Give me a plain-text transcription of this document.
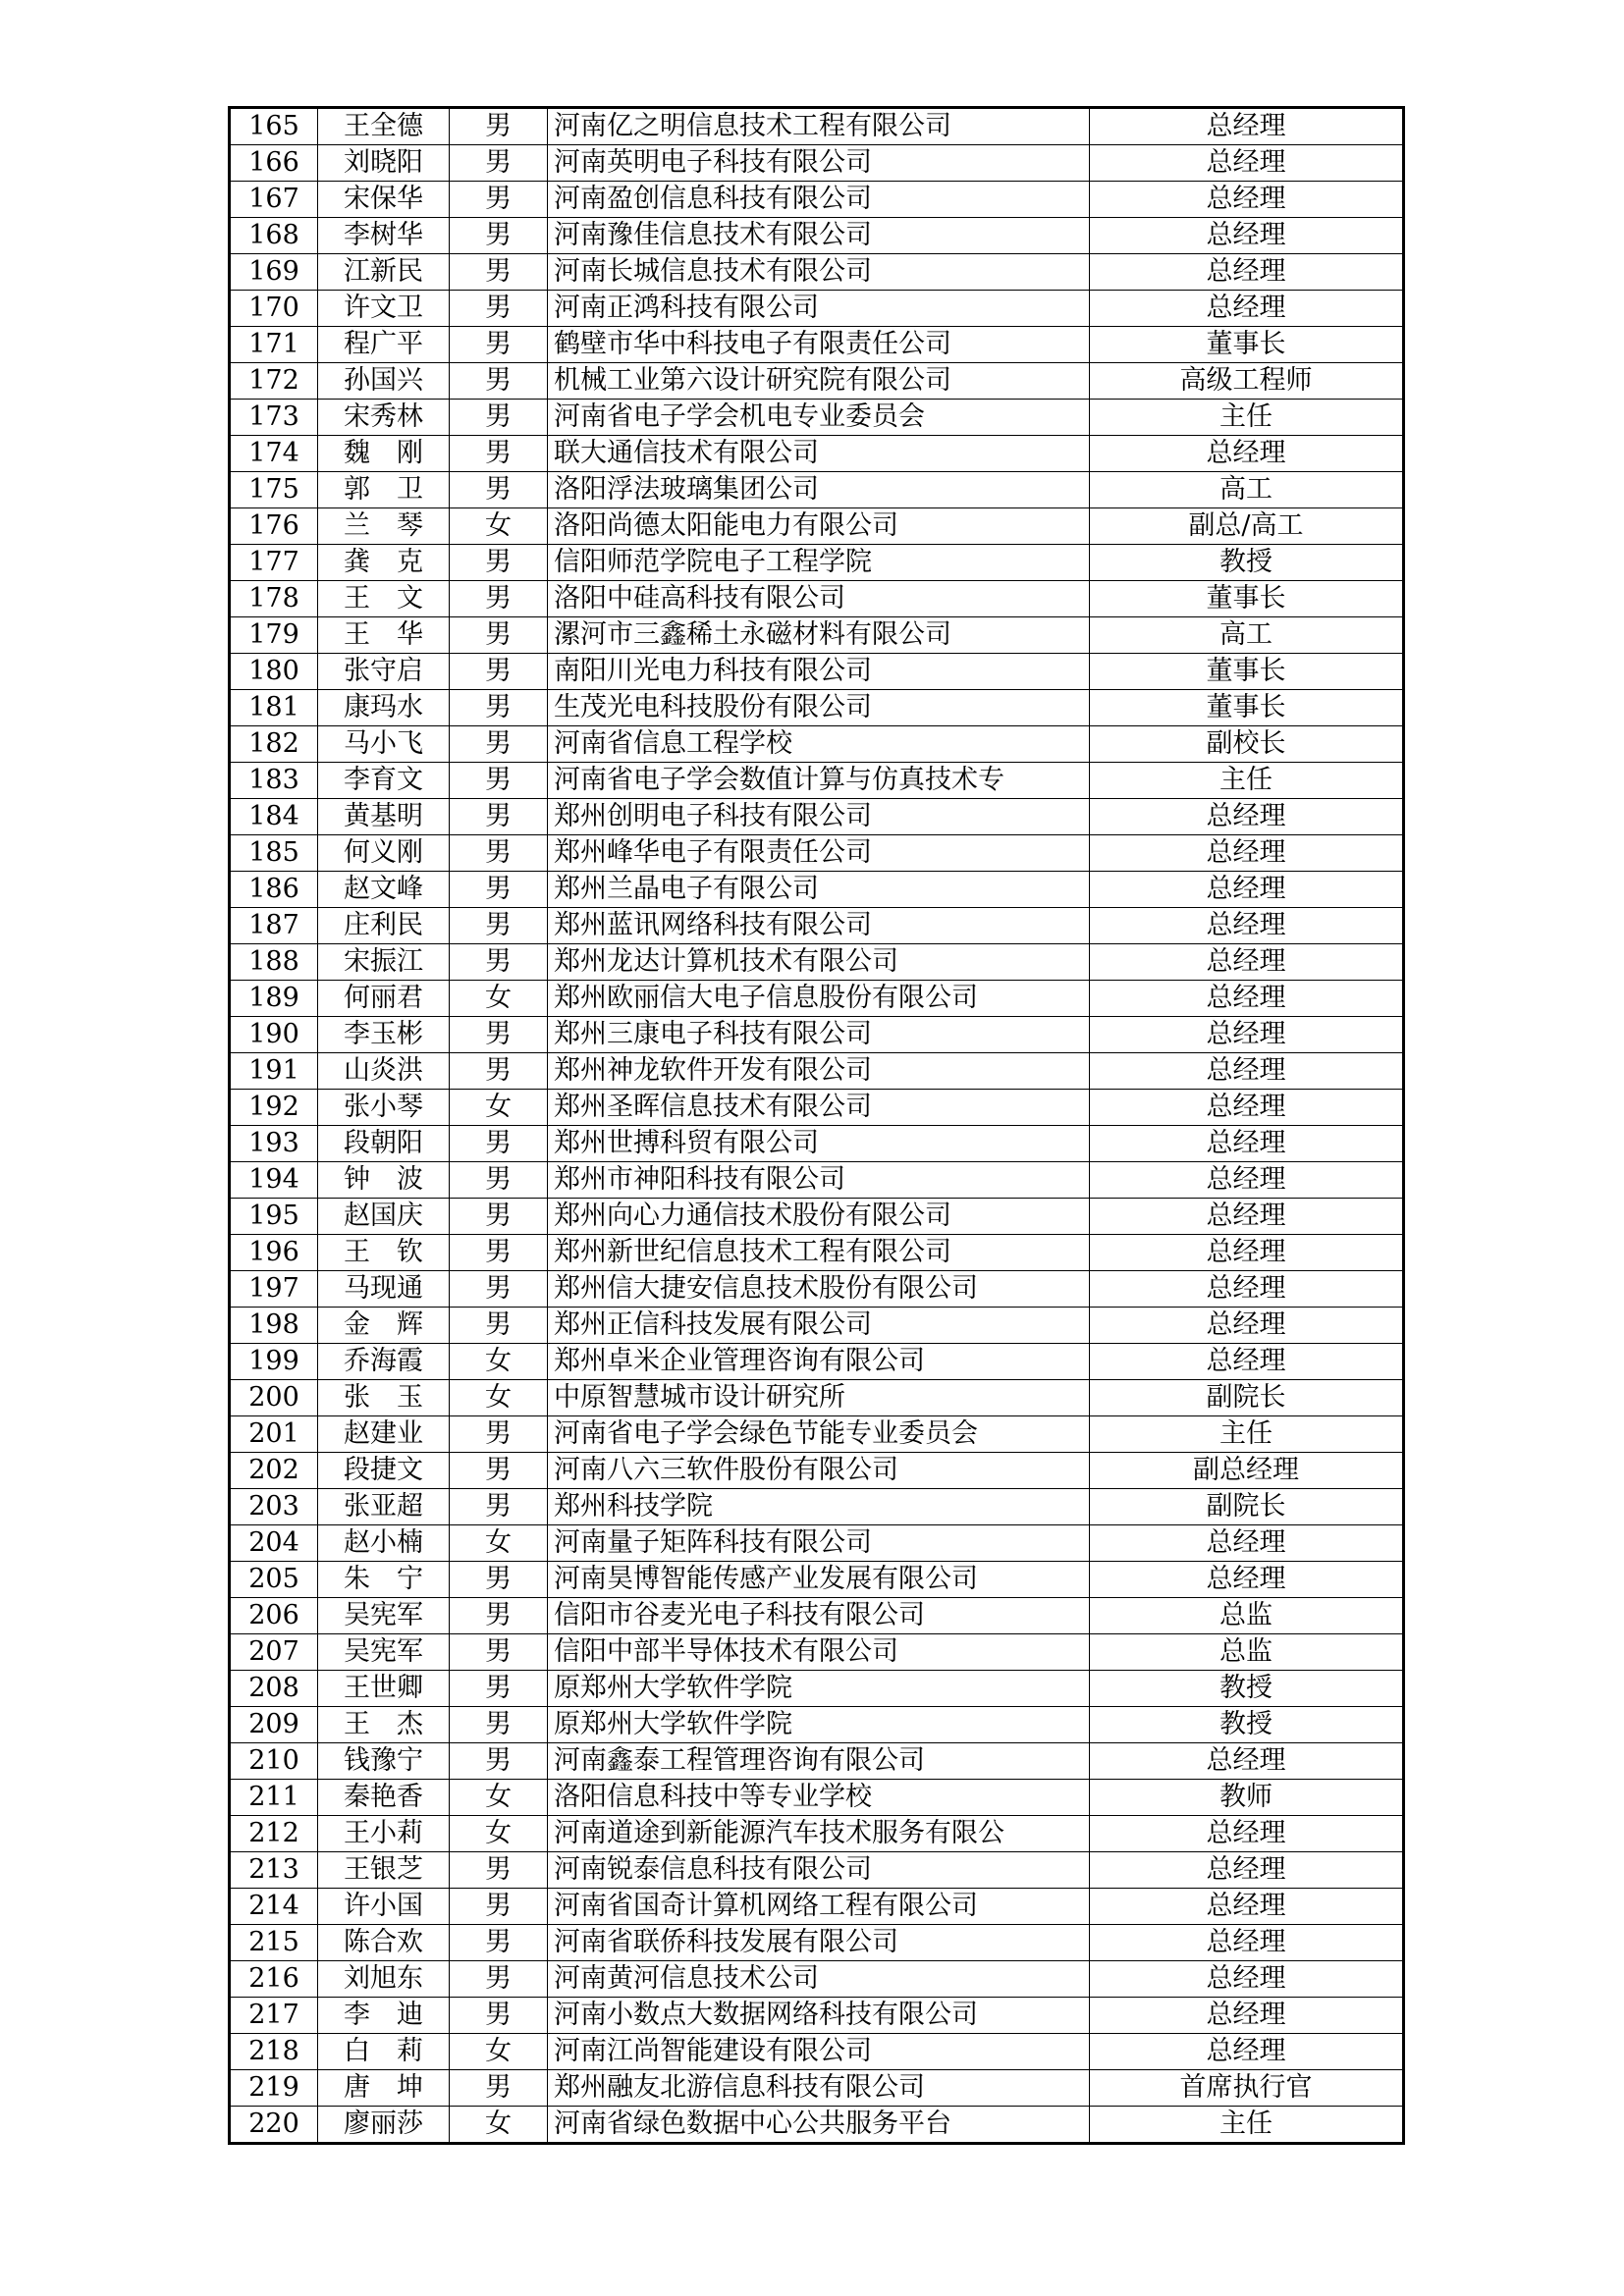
165	王全德	男	河南亿之明信息技术工程有限公司	总经理
166	刘晓阳	男	河南英明电子科技有限公司	总经理
167	宋保华	男	河南盈创信息科技有限公司	总经理
168	李树华	男	河南豫佳信息技术有限公司	总经理
169	江新民	男	河南长城信息技术有限公司	总经理
170	许文卫	男	河南正鸿科技有限公司	总经理
171	程广平	男	鹤壁市华中科技电子有限责任公司	董事长
172	孙国兴	男	机械工业第六设计研究院有限公司	高级工程师
173	宋秀林	男	河南省电子学会机电专业委员会	主任
174	魏　刚	男	联大通信技术有限公司	总经理
175	郭　卫	男	洛阳浮法玻璃集团公司	高工
176	兰　琴	女	洛阳尚德太阳能电力有限公司	副总/高工
177	龚　克	男	信阳师范学院电子工程学院	教授
178	王　文	男	洛阳中硅高科技有限公司	董事长
179	王　华	男	漯河市三鑫稀土永磁材料有限公司	高工
180	张守启	男	南阳川光电力科技有限公司	董事长
181	康玛水	男	生茂光电科技股份有限公司	董事长
182	马小飞	男	河南省信息工程学校	副校长
183	李育文	男	河南省电子学会数值计算与仿真技术专	主任
184	黄基明	男	郑州创明电子科技有限公司	总经理
185	何义刚	男	郑州峰华电子有限责任公司	总经理
186	赵文峰	男	郑州兰晶电子有限公司	总经理
187	庄利民	男	郑州蓝讯网络科技有限公司	总经理
188	宋振江	男	郑州龙达计算机技术有限公司	总经理
189	何丽君	女	郑州欧丽信大电子信息股份有限公司	总经理
190	李玉彬	男	郑州三康电子科技有限公司	总经理
191	山炎洪	男	郑州神龙软件开发有限公司	总经理
192	张小琴	女	郑州圣晖信息技术有限公司	总经理
193	段朝阳	男	郑州世搏科贸有限公司	总经理
194	钟　波	男	郑州市神阳科技有限公司	总经理
195	赵国庆	男	郑州向心力通信技术股份有限公司	总经理
196	王　钦	男	郑州新世纪信息技术工程有限公司	总经理
197	马现通	男	郑州信大捷安信息技术股份有限公司	总经理
198	金　辉	男	郑州正信科技发展有限公司	总经理
199	乔海霞	女	郑州卓米企业管理咨询有限公司	总经理
200	张　玉	女	中原智慧城市设计研究所	副院长
201	赵建业	男	河南省电子学会绿色节能专业委员会	主任
202	段捷文	男	河南八六三软件股份有限公司	副总经理
203	张亚超	男	郑州科技学院	副院长
204	赵小楠	女	河南量子矩阵科技有限公司	总经理
205	朱　宁	男	河南昊博智能传感产业发展有限公司	总经理
206	吴宪军	男	信阳市谷麦光电子科技有限公司	总监
207	吴宪军	男	信阳中部半导体技术有限公司	总监
208	王世卿	男	原郑州大学软件学院	教授
209	王　杰	男	原郑州大学软件学院	教授
210	钱豫宁	男	河南鑫泰工程管理咨询有限公司	总经理
211	秦艳香	女	洛阳信息科技中等专业学校	教师
212	王小莉	女	河南道途到新能源汽车技术服务有限公	总经理
213	王银芝	男	河南锐泰信息科技有限公司	总经理
214	许小国	男	河南省国奇计算机网络工程有限公司	总经理
215	陈合欢	男	河南省联侨科技发展有限公司	总经理
216	刘旭东	男	河南黄河信息技术公司	总经理
217	李　迪	男	河南小数点大数据网络科技有限公司	总经理
218	白　莉	女	河南江尚智能建设有限公司	总经理
219	唐　坤	男	郑州融友北游信息科技有限公司	首席执行官
220	廖丽莎	女	河南省绿色数据中心公共服务平台	主任
